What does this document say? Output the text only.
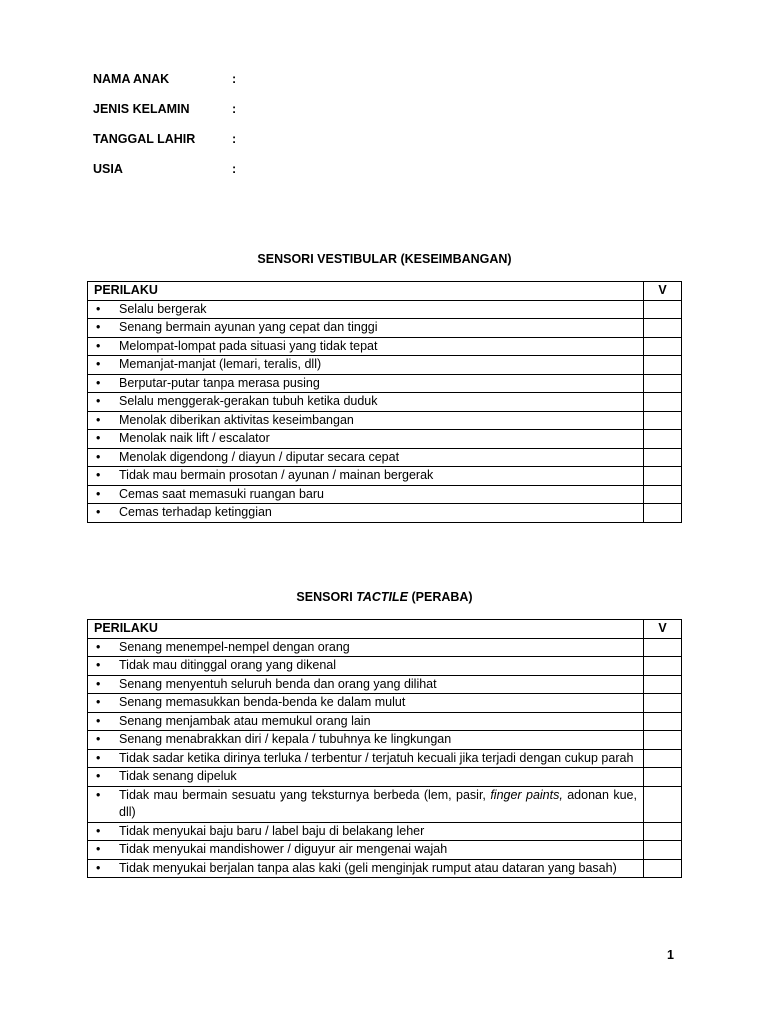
NAMA ANAK	:
JENIS KELAMIN	:
TANGGAL LAHIR	:
USIA	:
SENSORI VESTIBULAR (KESEIMBANGAN)
PERILAKU	V

• Selalu bergerak	

• Senang bermain ayunan yang cepat dan tinggi	

• Melompat-lompat pada situasi yang tidak tepat	

• Memanjat-manjat (lemari, teralis, dll)	

• Berputar-putar tanpa merasa pusing	

• Selalu menggerak-gerakan tubuh ketika duduk	

• Menolak diberikan aktivitas keseimbangan	

• Menolak naik lift / escalator	

• Menolak digendong / diayun / diputar secara cepat	

• Tidak mau bermain prosotan / ayunan / mainan bergerak	

• Cemas saat memasuki ruangan baru	

• Cemas terhadap ketinggian	

SENSORI TACTILE (PERABA)
PERILAKU	V

• Senang menempel-nempel dengan orang	

• Tidak mau ditinggal orang yang dikenal	

• Senang menyentuh seluruh benda dan orang yang dilihat	

• Senang memasukkan benda-benda ke dalam mulut	

• Senang menjambak atau memukul orang lain	

• Senang menabrakkan diri / kepala / tubuhnya ke lingkungan	

• Tidak sadar ketika dirinya terluka / terbentur / terjatuh kecuali jika terjadi dengan cukup parah	

• Tidak senang dipeluk	

• Tidak mau bermain sesuatu yang teksturnya berbeda (lem, pasir, finger paints, adonan kue, dll)	

• Tidak menyukai baju baru / label baju di belakang leher	

• Tidak menyukai mandishower / diguyur air mengenai wajah	

• Tidak menyukai berjalan tanpa alas kaki (geli menginjak rumput atau dataran yang basah)	

1
